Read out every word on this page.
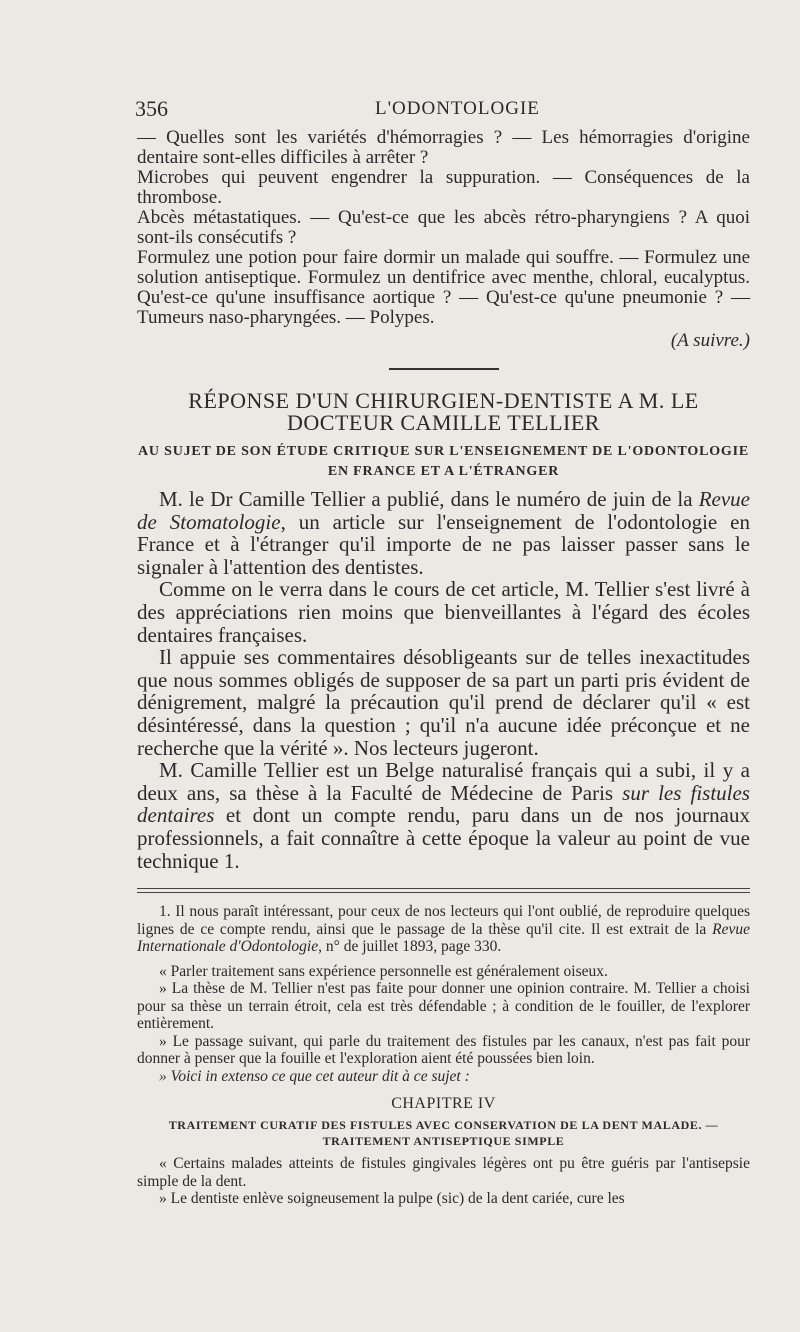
356	L'ODONTOLOGIE

— Quelles sont les variétés d'hémorragies ? — Les hémorragies d'origine dentaire sont-elles difficiles à arrêter ?

Microbes qui peuvent engendrer la suppuration. — Conséquences de la thrombose.

Abcès métastatiques. — Qu'est-ce que les abcès rétro-pharyngiens ? A quoi sont-ils consécutifs ?

Formulez une potion pour faire dormir un malade qui souffre. — Formulez une solution antiseptique. Formulez un dentifrice avec menthe, chloral, eucalyptus. Qu'est-ce qu'une insuffisance aortique ? — Qu'est-ce qu'une pneumonie ? — Tumeurs naso-pharyngées. — Polypes.

(A suivre.)

RÉPONSE D'UN CHIRURGIEN-DENTISTE A M. LE DOCTEUR CAMILLE TELLIER
AU SUJET DE SON ÉTUDE CRITIQUE SUR L'ENSEIGNEMENT DE L'ODONTOLOGIE EN FRANCE ET A L'ÉTRANGER

M. le Dr Camille Tellier a publié, dans le numéro de juin de la Revue de Stomatologie, un article sur l'enseignement de l'odontologie en France et à l'étranger qu'il importe de ne pas laisser passer sans le signaler à l'attention des dentistes.

Comme on le verra dans le cours de cet article, M. Tellier s'est livré à des appréciations rien moins que bienveillantes à l'égard des écoles dentaires françaises.

Il appuie ses commentaires désobligeants sur de telles inexactitudes que nous sommes obligés de supposer de sa part un parti pris évident de dénigrement, malgré la précaution qu'il prend de déclarer qu'il « est désintéressé, dans la question ; qu'il n'a aucune idée préconçue et ne recherche que la vérité ». Nos lecteurs jugeront.

M. Camille Tellier est un Belge naturalisé français qui a subi, il y a deux ans, sa thèse à la Faculté de Médecine de Paris sur les fistules dentaires et dont un compte rendu, paru dans un de nos journaux professionnels, a fait connaître à cette époque la valeur au point de vue technique 1.

1. Il nous paraît intéressant, pour ceux de nos lecteurs qui l'ont oublié, de reproduire quelques lignes de ce compte rendu, ainsi que le passage de la thèse qu'il cite. Il est extrait de la Revue Internationale d'Odontologie, n° de juillet 1893, page 330.

« Parler traitement sans expérience personnelle est généralement oiseux.

» La thèse de M. Tellier n'est pas faite pour donner une opinion contraire. M. Tellier a choisi pour sa thèse un terrain étroit, cela est très défendable ; à condition de le fouiller, de l'explorer entièrement.

» Le passage suivant, qui parle du traitement des fistules par les canaux, n'est pas fait pour donner à penser que la fouille et l'exploration aient été poussées bien loin.

» Voici in extenso ce que cet auteur dit à ce sujet :

CHAPITRE IV
TRAITEMENT CURATIF DES FISTULES AVEC CONSERVATION DE LA DENT MALADE. — TRAITEMENT ANTISEPTIQUE SIMPLE

« Certains malades atteints de fistules gingivales légères ont pu être guéris par l'antisepsie simple de la dent.

» Le dentiste enlève soigneusement la pulpe (sic) de la dent cariée, cure les
